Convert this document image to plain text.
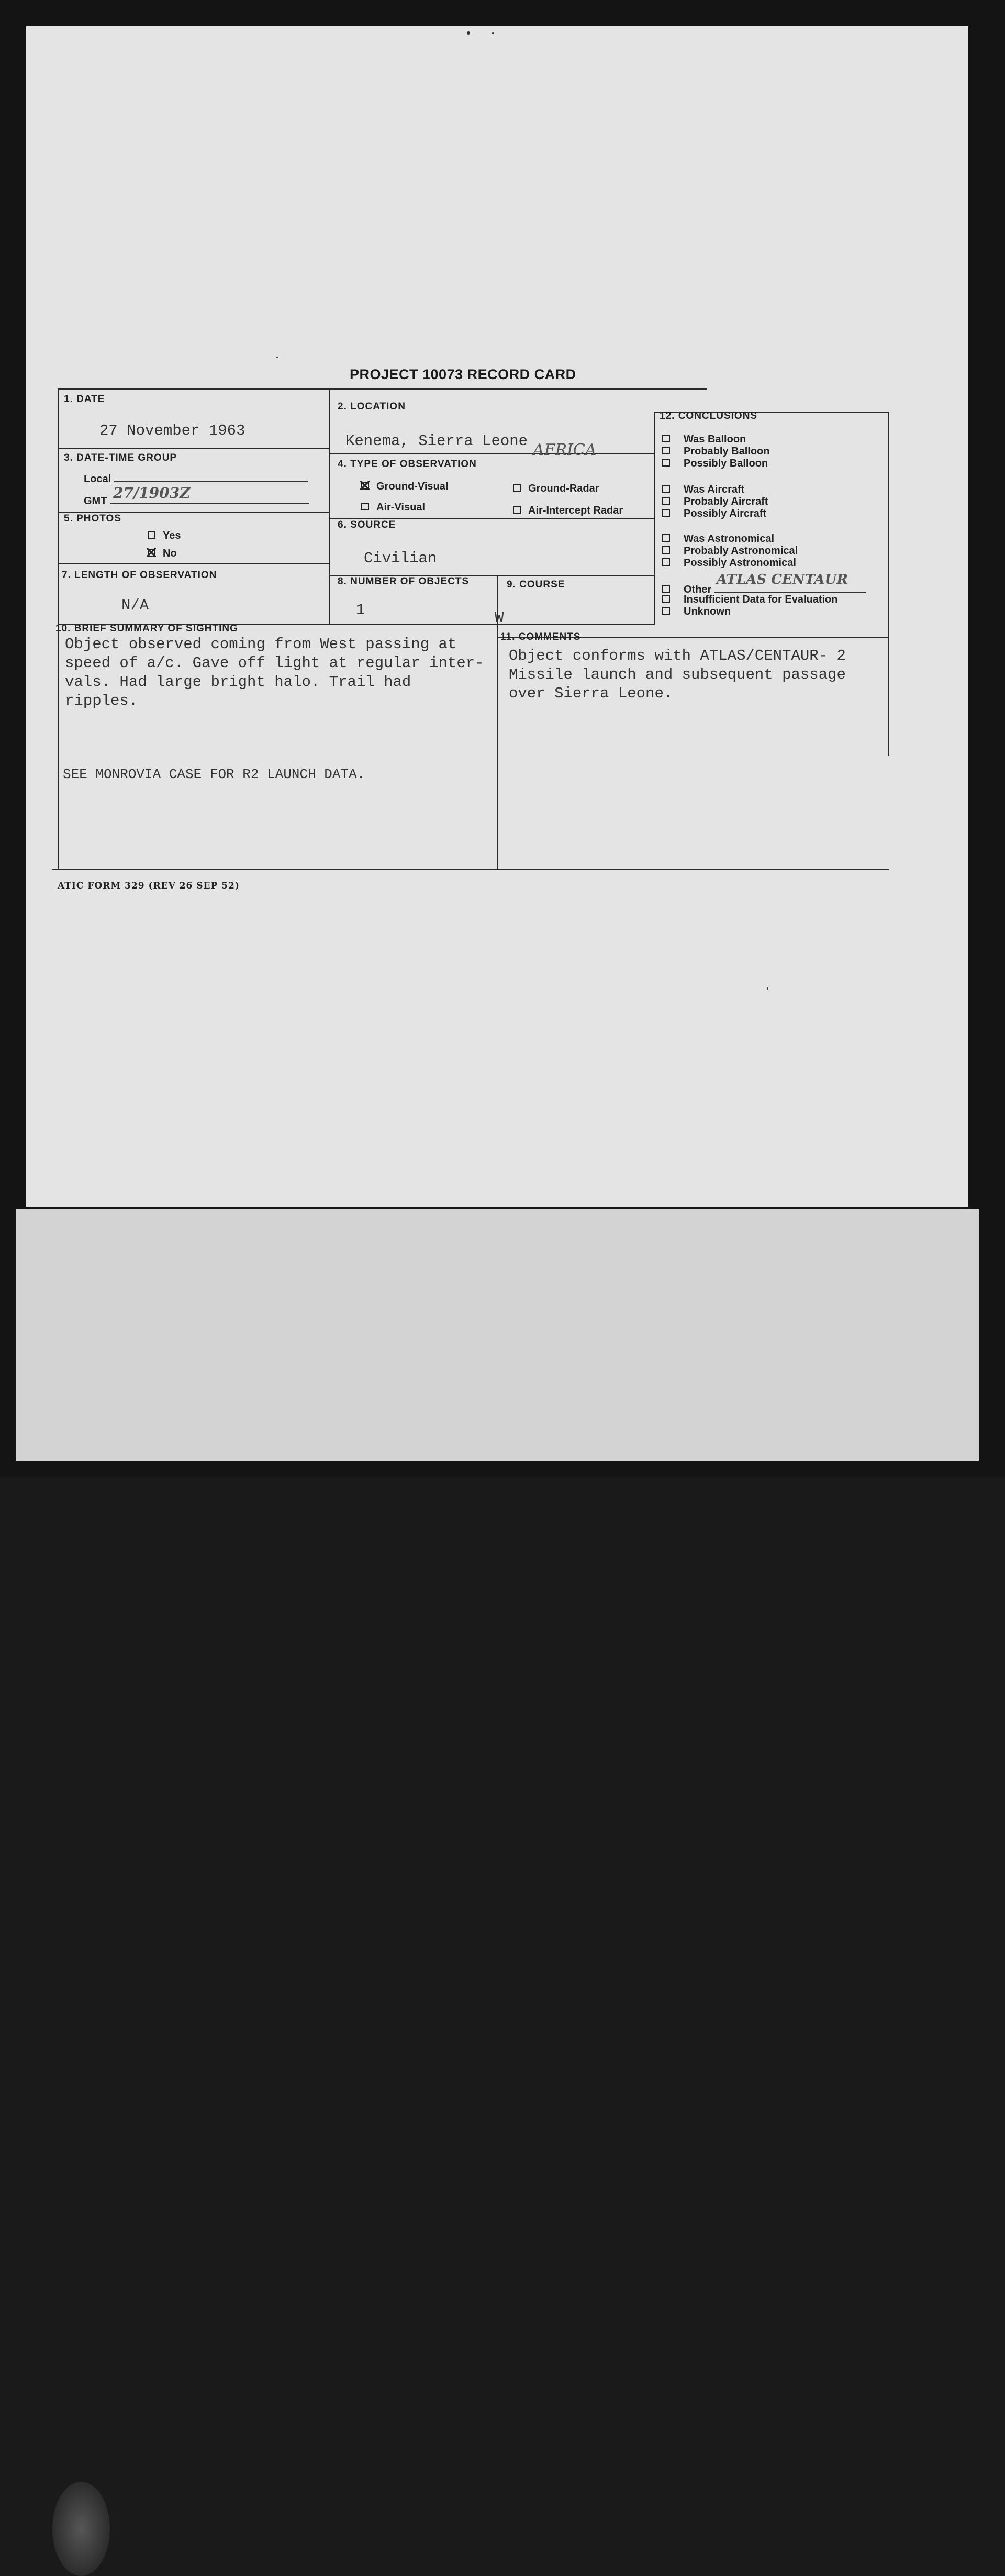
PROJECT 10073 RECORD CARD
1. DATE
27 November 1963
2. LOCATION
Kenema, Sierra Leone AFRICA
3. DATE-TIME GROUP
Local
GMT 27/1903Z
4. TYPE OF OBSERVATION
Ground-Visual	Ground-Radar
Air-Visual	Air-Intercept Radar
5. PHOTOS
Yes
No
6. SOURCE
Civilian
7. LENGTH OF OBSERVATION
N/A
8. NUMBER OF OBJECTS
1
9. COURSE
W
10. BRIEF SUMMARY OF SIGHTING
Object observed coming from West passing at
speed of a/c. Gave off light at regular inter-
vals. Had large bright halo. Trail had
ripples.
SEE MONROVIA CASE FOR R2 LAUNCH DATA.
11. COMMENTS
Object conforms with ATLAS/CENTAUR- 2
Missile launch and subsequent passage
over Sierra Leone.
12. CONCLUSIONS
Was Balloon
Probably Balloon
Possibly Balloon
Was Aircraft
Probably Aircraft
Possibly Aircraft
Was Astronomical
Probably Astronomical
Possibly Astronomical
Other
ATLAS CENTAUR
Insufficient Data for Evaluation
Unknown
ATIC FORM 329 (REV 26 SEP 52)
